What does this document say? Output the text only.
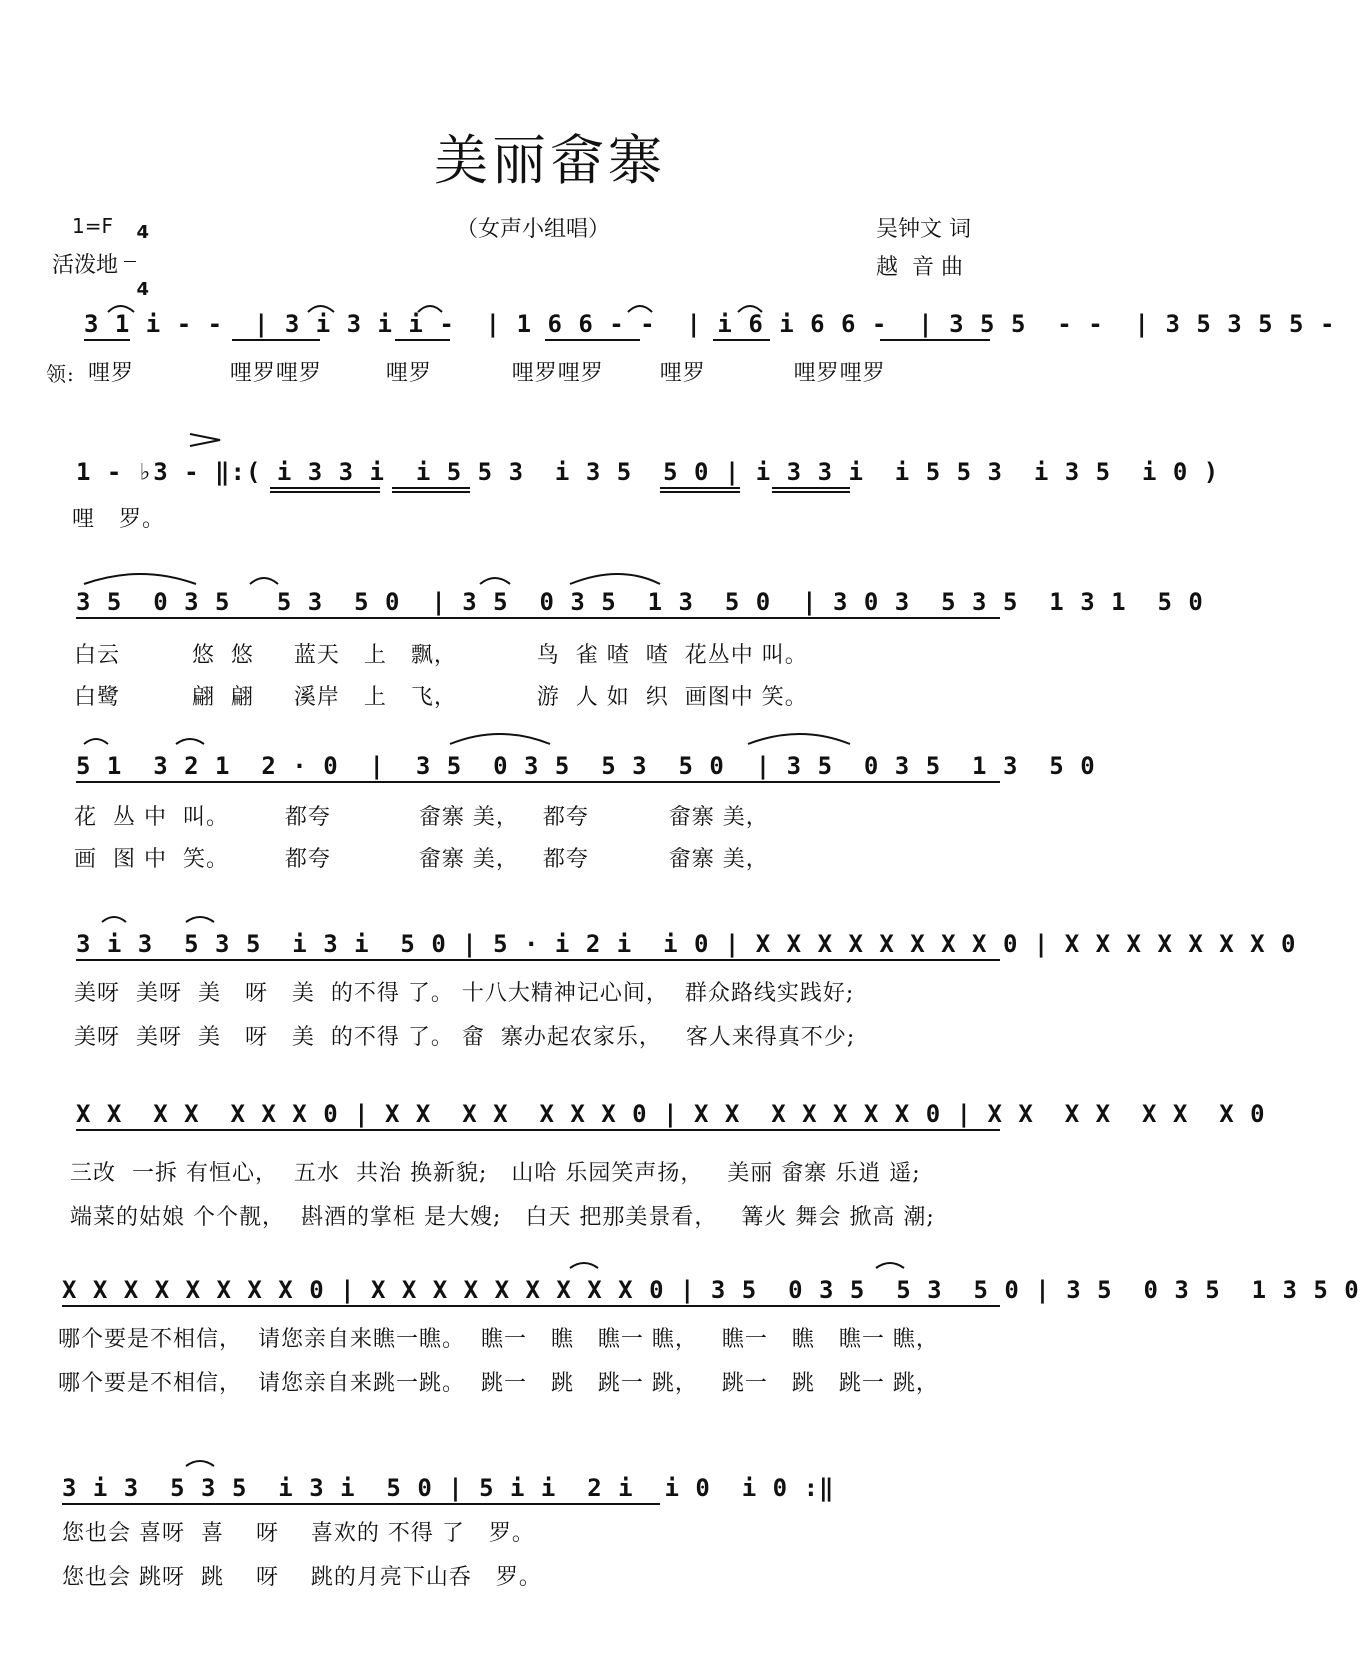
美丽畲寨
1=F	4

4

活泼地
（女声小组唱）	吴钟文 词
越  音 曲
3 1 i - -  | 3 i 3 i i -  | 1 6 6 - -  | i 6 i 6 6 -  | 3 5 5  - -  | 3 5 3 5 5 -
领: 哩罗            哩罗哩罗        哩罗          哩罗哩罗       哩罗           哩罗哩罗
1 - ♭3 - ‖:( i 3 3 i  i 5 5 3  i 3 5  5 0 | i 3 3 i  i 5 5 3  i 3 5  i 0 )
哩   罗。
3 5  0 3 5   5 3  5 0  | 3 5  0 3 5  1 3  5 0  | 3 0 3  5 3 5  1 3 1  5 0
白云         悠  悠     蓝天   上   飘，          鸟  雀 喳  喳  花丛中 叫。
白鹭         翩  翩     溪岸   上   飞，          游  人 如  织  画图中 笑。
5 1  3 2 1  2 · 0  |  3 5  0 3 5  5 3  5 0  | 3 5  0 3 5  1 3  5 0
花  丛 中  叫。       都夸           畲寨 美，   都夸          畲寨 美，
画  图 中  笑。       都夸           畲寨 美，   都夸          畲寨 美，
3 i 3  5 3 5  i 3 i  5 0 | 5 · i 2 i  i 0 | X X X X X X X X 0 | X X X X X X X 0
美呀  美呀  美   呀   美  的不得 了。 十八大精神记心间，  群众路线实践好;
美呀  美呀  美   呀   美  的不得 了。 畲  寨办起农家乐，   客人来得真不少;
X X  X X  X X X 0 | X X  X X  X X X 0 | X X  X X X X X 0 | X X  X X  X X  X 0
三改  一拆 有恒心，  五水  共治 换新貌;   山哈 乐园笑声扬，   美丽 畲寨 乐逍 遥;
端菜的姑娘 个个靓，  斟酒的掌柜 是大嫂;   白天 把那美景看，   篝火 舞会 掀高 潮;
X X X X X X X X 0 | X X X X X X X X X 0 | 3 5  0 3 5  5 3  5 0 | 3 5  0 3 5  1 3 5 0
哪个要是不相信，  请您亲自来瞧一瞧。  瞧一   瞧   瞧一 瞧，   瞧一   瞧   瞧一 瞧，
哪个要是不相信，  请您亲自来跳一跳。  跳一   跳   跳一 跳，   跳一   跳   跳一 跳，
3 i 3  5 3 5  i 3 i  5 0 | 5 i i  2 i  i 0  i 0 :‖
您也会 喜呀  喜    呀    喜欢的 不得 了   罗。
您也会 跳呀  跳    呀    跳的月亮下山呑   罗。
